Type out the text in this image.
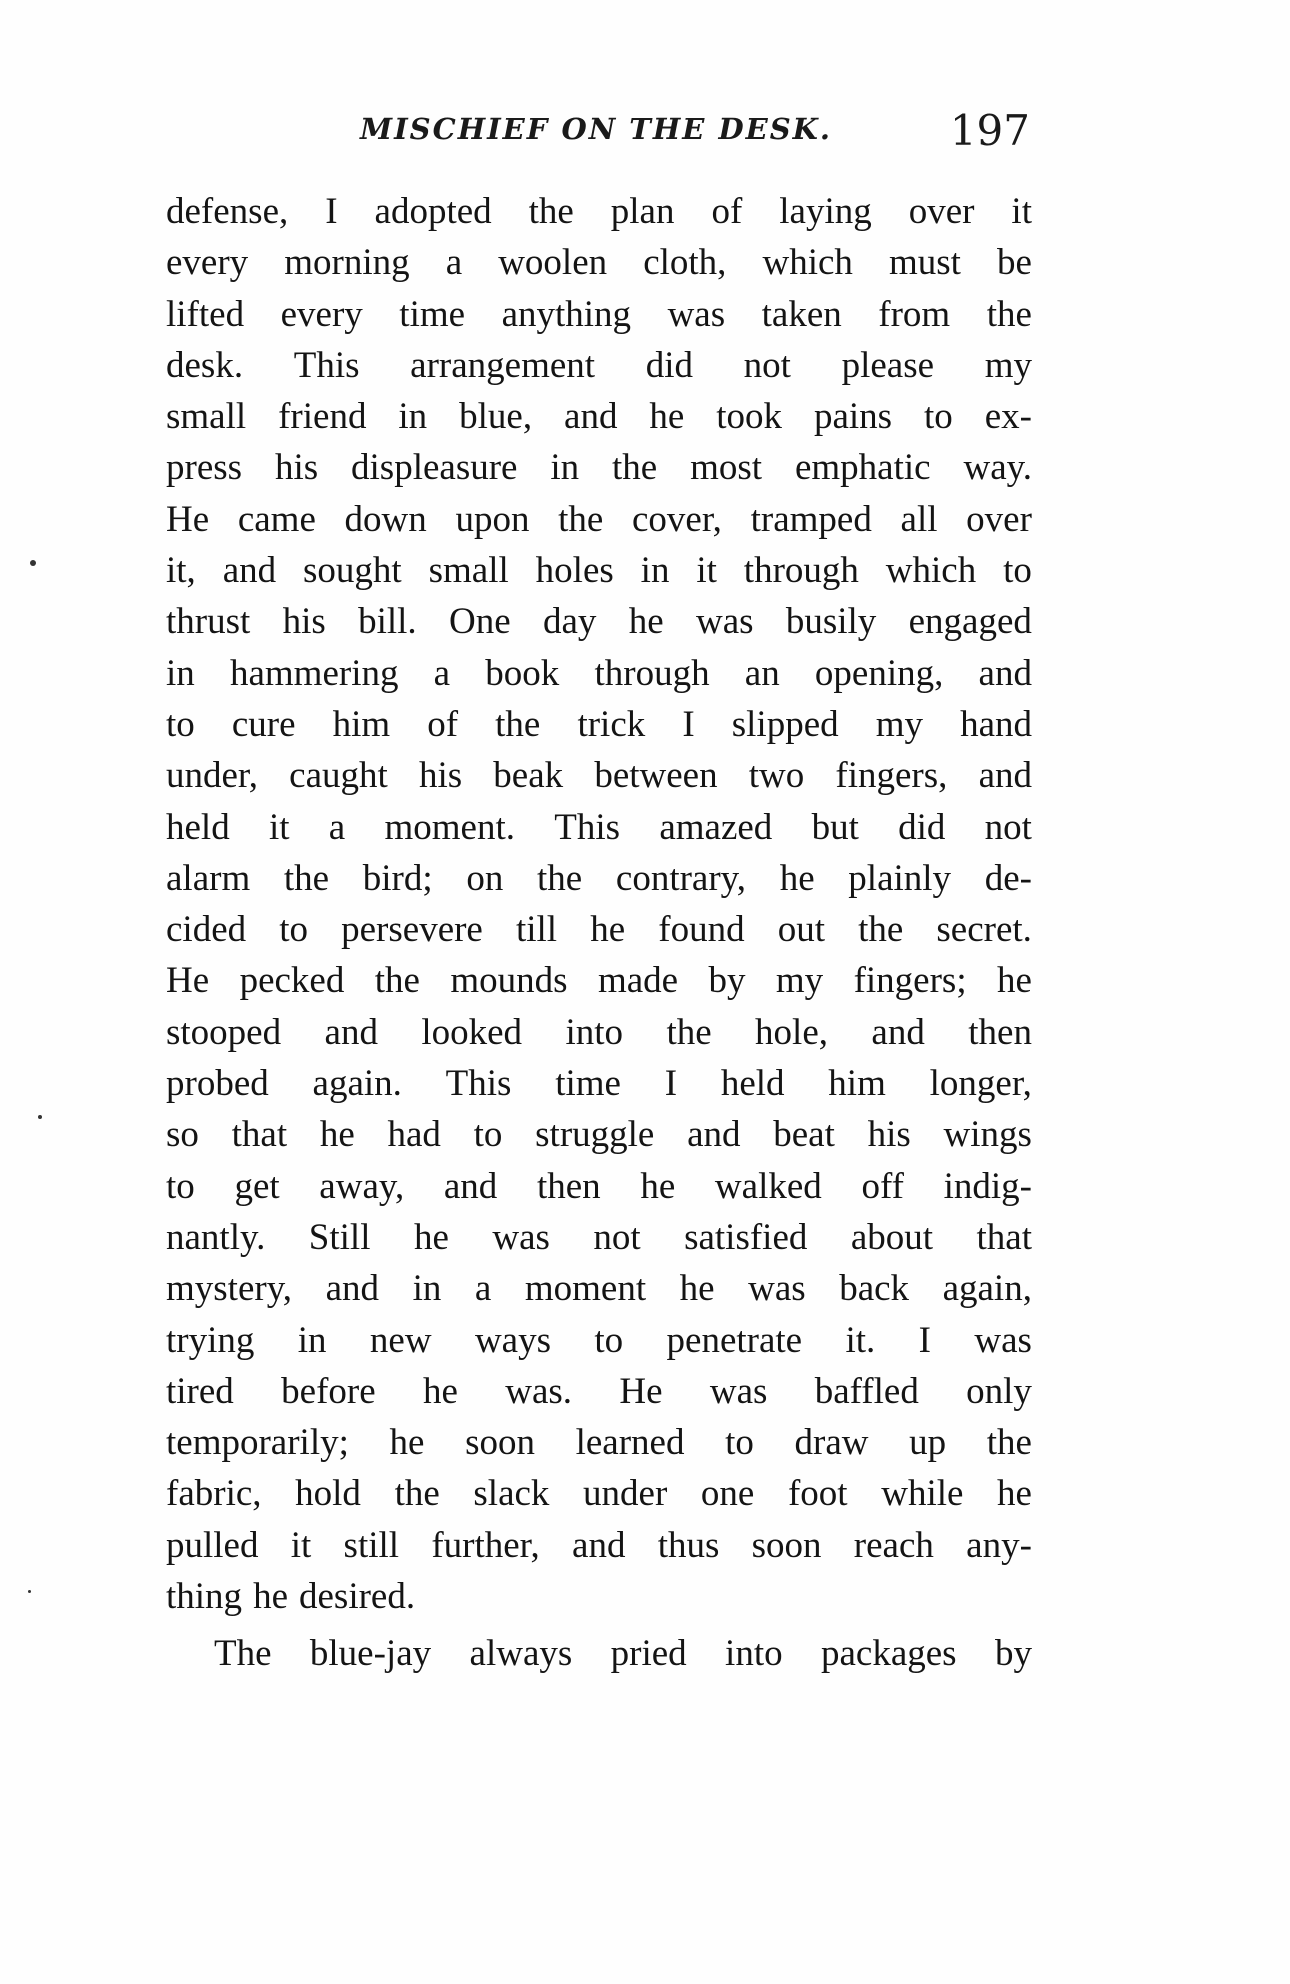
MISCHIEF ON THE DESK.	197
defense, I adopted the plan of laying over it
every morning a woolen cloth, which must be
lifted every time anything was taken from the
desk. This arrangement did not please my
small friend in blue, and he took pains to ex-
press his displeasure in the most emphatic way.
He came down upon the cover, tramped all over
it, and sought small holes in it through which to
thrust his bill. One day he was busily engaged
in hammering a book through an opening, and
to cure him of the trick I slipped my hand
under, caught his beak between two fingers, and
held it a moment. This amazed but did not
alarm the bird; on the contrary, he plainly de-
cided to persevere till he found out the secret.
He pecked the mounds made by my fingers; he
stooped and looked into the hole, and then
probed again. This time I held him longer,
so that he had to struggle and beat his wings
to get away, and then he walked off indig-
nantly. Still he was not satisfied about that
mystery, and in a moment he was back again,
trying in new ways to penetrate it. I was
tired before he was. He was baffled only
temporarily; he soon learned to draw up the
fabric, hold the slack under one foot while he
pulled it still further, and thus soon reach any-
thing he desired.
The blue-jay always pried into packages by
